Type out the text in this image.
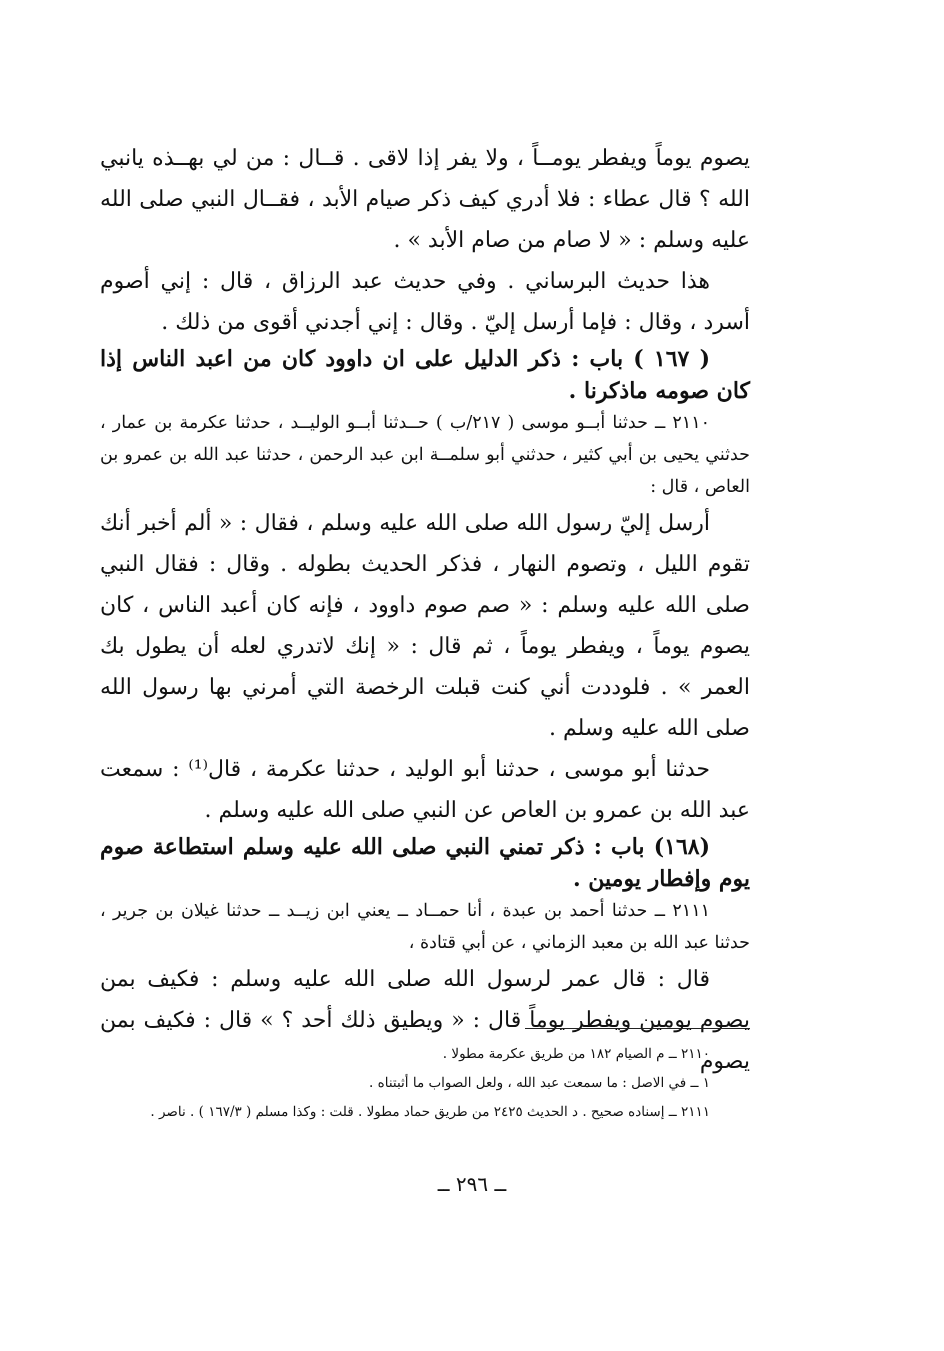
يصوم يوماً ويفطر يومــاً ، ولا يفر إذا لاقى . قــال : من لي بهــذه يانبي الله ؟ قال عطاء : فلا أدري كيف ذكر صيام الأبد ، فقــال النبي صلى الله عليه وسلم : « لا صام من صام الأبد » .

هذا حديث البرساني . وفي حديث عبد الرزاق ، قال : إني أصوم أسرد ، وقال : فإما أرسل إليّ . وقال : إني أجدني أقوى من ذلك .

( ١٦٧ ) باب : ذكر الدليل على ان داوود كان من اعبد الناس إذا كان صومه ماذكرنا .

٢١١٠ ــ حدثنا أبــو موسى ( ٢١٧/ب ) حــدثنا أبــو الوليــد ، حدثنا عكرمة بن عمار ، حدثني يحيى بن أبي كثير ، حدثني أبو سلمــة ابن عبد الرحمن ، حدثنا عبد الله بن عمرو بن العاص ، قال :

أرسل إليّ رسول الله صلى الله عليه وسلم ، فقال : « ألم أخبر أنك تقوم الليل ، وتصوم النهار ، فذكر الحديث بطوله . وقال : فقال النبي صلى الله عليه وسلم : « صم صوم داوود ، فإنه كان أعبد الناس ، كان يصوم يوماً ، ويفطر يوماً ، ثم قال : « إنك لاتدري لعله أن يطول بك العمر » . فلوددت أني كنت قبلت الرخصة التي أمرني بها رسول الله صلى الله عليه وسلم .

حدثنا أبو موسى ، حدثنا أبو الوليد ، حدثنا عكرمة ، قال⁽¹⁾ : سمعت عبد الله بن عمرو بن العاص عن النبي صلى الله عليه وسلم .

(١٦٨) باب : ذكر تمني النبي صلى الله عليه وسلم استطاعة صوم يوم وإفطار يومين .

٢١١١ ــ حدثنا أحمد بن عبدة ، أنا حمــاد ــ يعني ابن زيــد ــ حدثنا غيلان بن جرير ، حدثنا عبد الله بن معبد الزماني ، عن أبي قتادة ،

قال : قال عمر لرسول الله صلى الله عليه وسلم : فكيف بمن يصوم يومين ويفطر يوماً قال : « ويطيق ذلك أحد ؟ » قال : فكيف بمن يصوم

٢١١٠ ــ م الصيام ١٨٢ من طريق عكرمة مطولا .

١ ــ في الاصل : ما سمعت عبد الله ، ولعل الصواب ما أثبتناه .

٢١١١ ــ إسناده صحيح . د الحديث ٢٤٢٥ من طريق حماد مطولا . قلت : وكذا مسلم ( ١٦٧/٣ ) . ناصر .

ــ ٢٩٦ ــ
